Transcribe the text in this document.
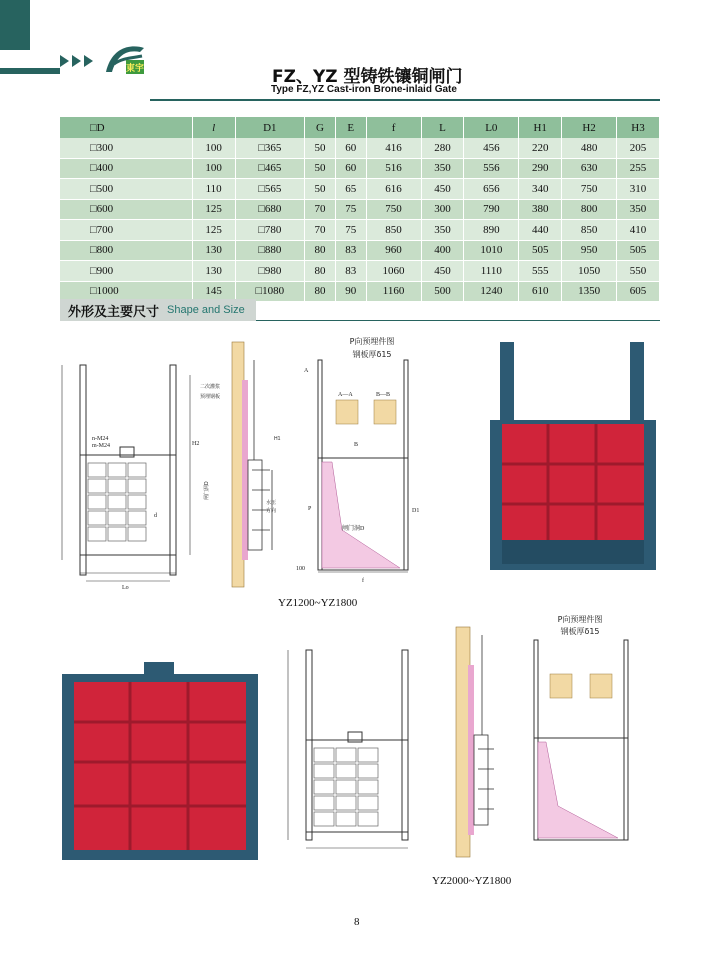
東宇	FZ、YZ 型铸铁镶铜闸门
Type FZ,YZ Cast-iron Brone-inlaid Gate
□D	l	D1	G	E	f	L	L0	H1	H2	H3
□300	100	□365	50	60	416	280	456	220	480	205
□400	100	□465	50	60	516	350	556	290	630	255
□500	110	□565	50	65	616	450	656	340	750	310
□600	125	□680	70	75	750	300	790	380	800	350
□700	125	□780	70	75	850	350	890	440	850	410
□800	130	□880	80	83	960	400	1010	505	950	505
□900	130	□980	80	83	1060	450	1110	555	1050	550
□1000	145	□1080	80	90	1160	500	1240	610	1350	605
外形及主要尺寸 Shape and Size
n-M24
m-M24
d
Lo
H2
二次灌浆
预埋钢板
闸门洞D
水压
方向
H1
P向预埋件图
钢板厚δ15
A—A	B—B
P
闸门洞D
D1
f
100
A
B
P向预埋件图
钢板厚δ15
YZ1200~YZ1800
YZ2000~YZ1800
8
